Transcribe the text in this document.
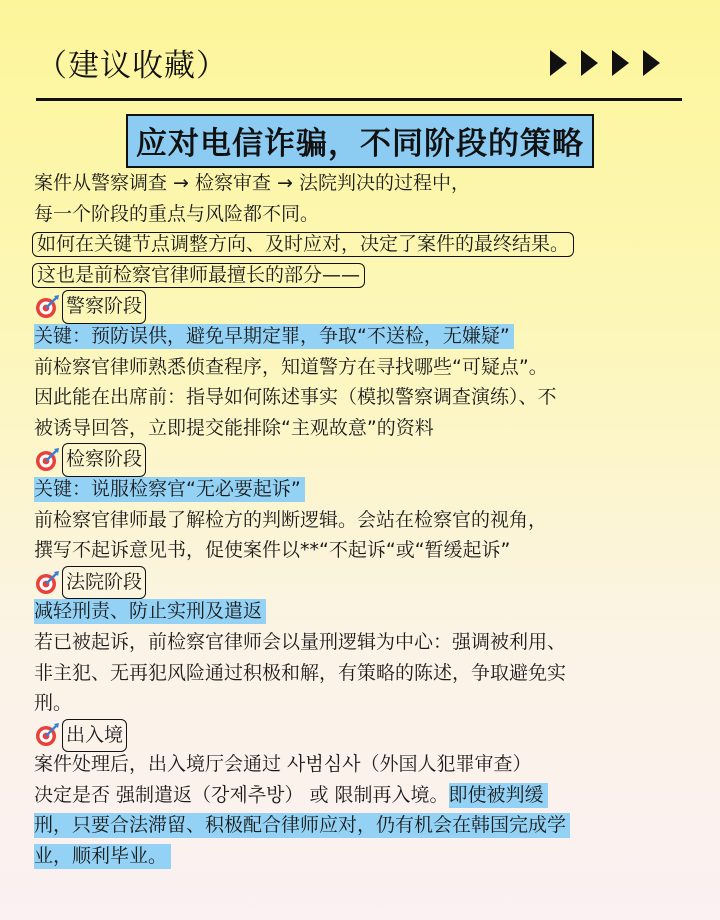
（建议收藏）
应对电信诈骗，不同阶段的策略
案件从警察调查 → 检察审查 → 法院判决的过程中，
每一个阶段的重点与风险都不同。
如何在关键节点调整方向、及时应对，决定了案件的最终结果。
这也是前检察官律师最擅长的部分——
警察阶段
关键：预防误供，避免早期定罪，争取“不送检，无嫌疑”
前检察官律师熟悉侦查程序，知道警方在寻找哪些“可疑点”。
因此能在出席前：指导如何陈述事实（模拟警察调查演练）、不
被诱导回答，立即提交能排除“主观故意”的资料
检察阶段
关键：说服检察官“无必要起诉”
前检察官律师最了解检方的判断逻辑。会站在检察官的视角，
撰写不起诉意见书，促使案件以**“不起诉“或“暂缓起诉”
法院阶段
减轻刑责、防止实刑及遣返
若已被起诉，前检察官律师会以量刑逻辑为中心：强调被利用、
非主犯、无再犯风险通过积极和解，有策略的陈述，争取避免实
刑。
出入境
案件处理后，出入境厅会通过 사범심사（外国人犯罪审查）
决定是否 强制遣返（강제추방） 或 限制再入境。即使被判缓
刑，只要合法滞留、积极配合律师应对，仍有机会在韩国完成学
业，顺利毕业。
